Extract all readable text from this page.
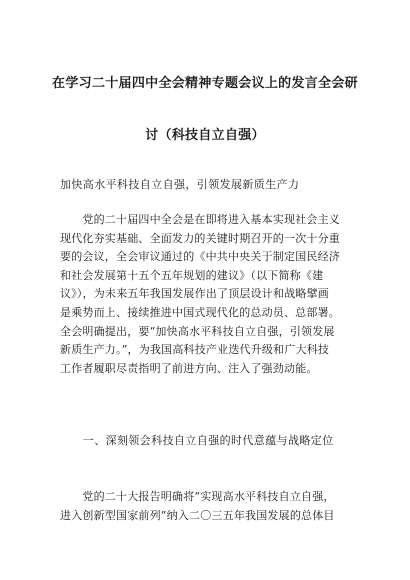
在学习二十届四中全会精神专题会议上的发言全会研
讨（科技自立自强）
加快高水平科技自立自强，引领发展新质生产力
　　党的二十届四中全会是在即将进入基本实现社会主义
现代化夯实基础、全面发力的关键时期召开的一次十分重
要的会议，全会审议通过的《中共中央关于制定国民经济
和社会发展第十五个五年规划的建议》（以下简称《建
议》），为未来五年我国发展作出了顶层设计和战略擘画
是乘势而上、接续推进中国式现代化的总动员、总部署。
全会明确提出，要“加快高水平科技自立自强，引领发展
新质生产力。”，为我国高科技产业迭代升级和广大科技
工作者履职尽责指明了前进方向、注入了强劲动能。
　　一、深刻领会科技自立自强的时代意蕴与战略定位
　　党的二十大报告明确将“实现高水平科技自立自强，
进入创新型国家前列”纳入二〇三五年我国发展的总体目
